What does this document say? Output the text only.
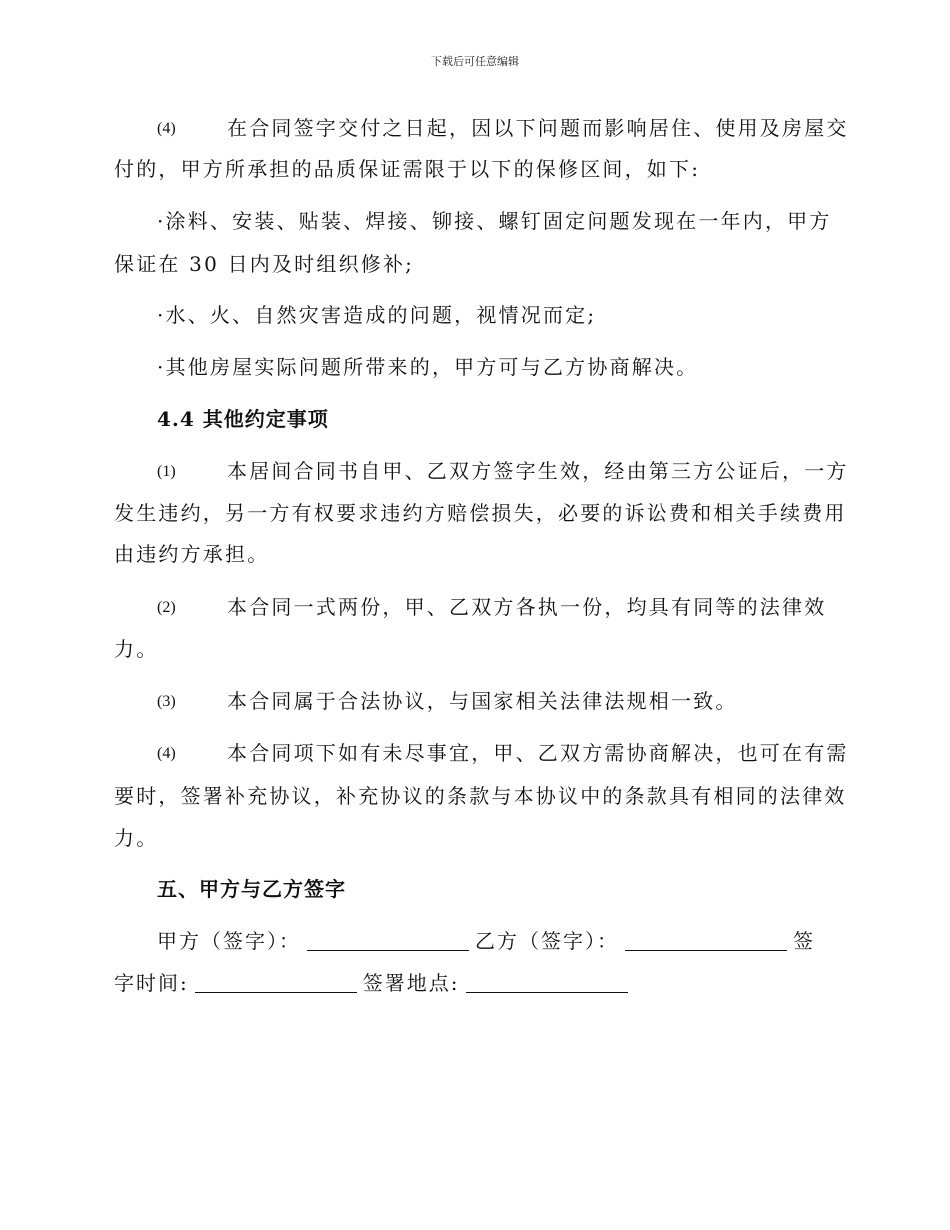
下载后可任意编辑
(4)	在合同签字交付之日起，因以下问题而影响居住、使用及房屋交
付的，甲方所承担的品质保证需限于以下的保修区间，如下:
·涂料、安装、贴装、焊接、铆接、螺钉固定问题发现在一年内，甲方
保证在 30 日内及时组织修补;
·水、火、自然灾害造成的问题，视情况而定;
·其他房屋实际问题所带来的，甲方可与乙方协商解决。
4.4 其他约定事项
(1)	本居间合同书自甲、乙双方签字生效，经由第三方公证后，一方
发生违约，另一方有权要求违约方赔偿损失，必要的诉讼费和相关手续费用
由违约方承担。
(2)	本合同一式两份，甲、乙双方各执一份，均具有同等的法律效
力。
(3)	本合同属于合法协议，与国家相关法律法规相一致。
(4)	本合同项下如有未尽事宜，甲、乙双方需协商解决，也可在有需
要时，签署补充协议，补充协议的条款与本协议中的条款具有相同的法律效
力。
五、甲方与乙方签字
甲方（签字）：	乙方（签字）：	签
字时间:	签署地点:
